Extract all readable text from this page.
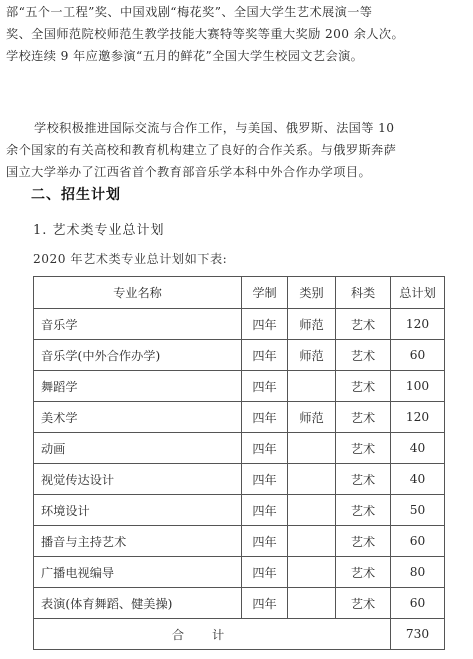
部“五个一工程”奖、中国戏剧“梅花奖”、全国大学生艺术展演一等
奖、全国师范院校师范生教学技能大赛特等奖等重大奖励 200 余人次。
学校连续 9 年应邀参演“五月的鲜花”全国大学生校园文艺会演。
学校积极推进国际交流与合作工作，与美国、俄罗斯、法国等 10
余个国家的有关高校和教育机构建立了良好的合作关系。与俄罗斯奔萨
国立大学举办了江西省首个教育部音乐学本科中外合作办学项目。
二、招生计划
1. 艺术类专业总计划
2020 年艺术类专业总计划如下表:
专业名称	学制	类别	科类	总计划
音乐学	四年	师范	艺术	120
音乐学(中外合作办学)	四年	师范	艺术	60
舞蹈学	四年		艺术	100
美术学	四年	师范	艺术	120
动画	四年		艺术	40
视觉传达设计	四年		艺术	40
环境设计	四年		艺术	50
播音与主持艺术	四年		艺术	60
广播电视编导	四年		艺术	80
表演(体育舞蹈、健美操)	四年		艺术	60
合计				730
